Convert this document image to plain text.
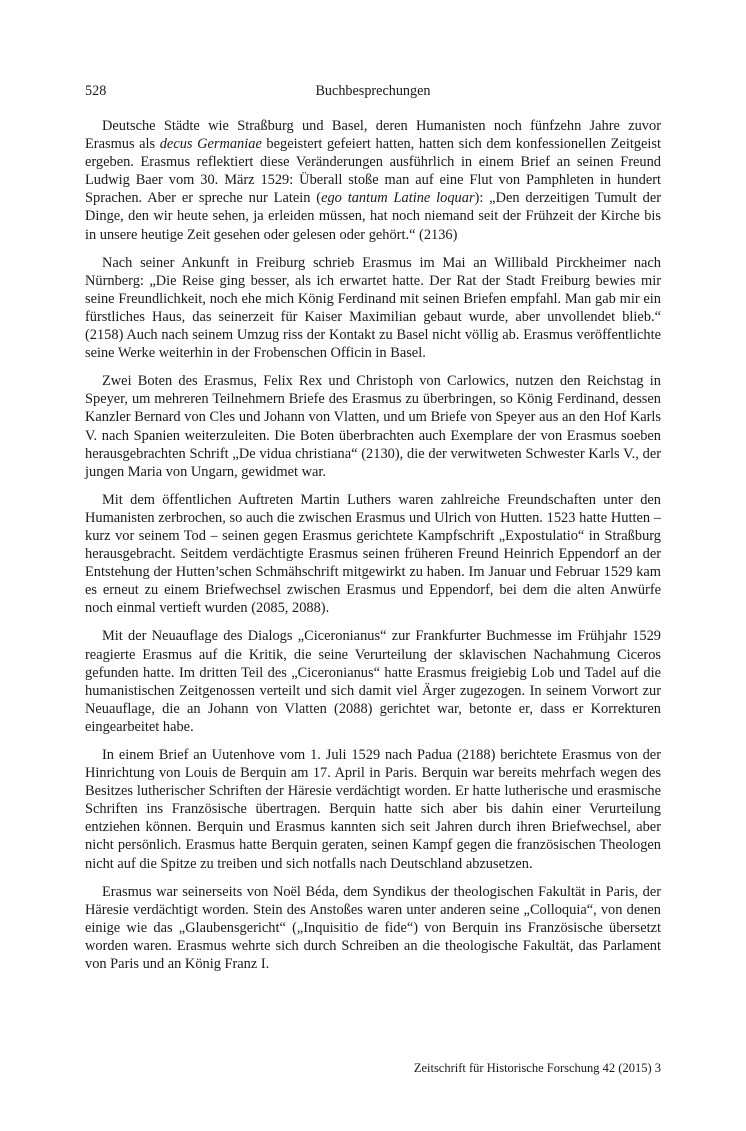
528	Buchbesprechungen

Deutsche Städte wie Straßburg und Basel, deren Humanisten noch fünfzehn Jahre zuvor Erasmus als decus Germaniae begeistert gefeiert hatten, hatten sich dem konfessionellen Zeitgeist ergeben. Erasmus reflektiert diese Veränderungen ausführlich in einem Brief an seinen Freund Ludwig Baer vom 30. März 1529: Überall stoße man auf eine Flut von Pamphleten in hundert Sprachen. Aber er spreche nur Latein (ego tantum Latine loquar): „Den derzeitigen Tumult der Dinge, den wir heute sehen, ja erleiden müssen, hat noch niemand seit der Frühzeit der Kirche bis in unsere heutige Zeit gesehen oder gelesen oder gehört.“ (2136)

Nach seiner Ankunft in Freiburg schrieb Erasmus im Mai an Willibald Pirckheimer nach Nürnberg: „Die Reise ging besser, als ich erwartet hatte. Der Rat der Stadt Freiburg bewies mir seine Freundlichkeit, noch ehe mich König Ferdinand mit seinen Briefen empfahl. Man gab mir ein fürstliches Haus, das seinerzeit für Kaiser Maximilian gebaut wurde, aber unvollendet blieb.“ (2158) Auch nach seinem Umzug riss der Kontakt zu Basel nicht völlig ab. Erasmus veröffentlichte seine Werke weiterhin in der Frobenschen Officin in Basel.

Zwei Boten des Erasmus, Felix Rex und Christoph von Carlowics, nutzen den Reichstag in Speyer, um mehreren Teilnehmern Briefe des Erasmus zu überbringen, so König Ferdinand, dessen Kanzler Bernard von Cles und Johann von Vlatten, und um Briefe von Speyer aus an den Hof Karls V. nach Spanien weiterzuleiten. Die Boten überbrachten auch Exemplare der von Erasmus soeben herausgebrachten Schrift „De vidua christiana“ (2130), die der verwitweten Schwester Karls V., der jungen Maria von Ungarn, gewidmet war.

Mit dem öffentlichen Auftreten Martin Luthers waren zahlreiche Freundschaften unter den Humanisten zerbrochen, so auch die zwischen Erasmus und Ulrich von Hutten. 1523 hatte Hutten – kurz vor seinem Tod – seinen gegen Erasmus gerichtete Kampfschrift „Expostulatio“ in Straßburg herausgebracht. Seitdem verdächtigte Erasmus seinen früheren Freund Heinrich Eppendorf an der Entstehung der Hutten’schen Schmähschrift mitgewirkt zu haben. Im Januar und Februar 1529 kam es erneut zu einem Briefwechsel zwischen Erasmus und Eppendorf, bei dem die alten Anwürfe noch einmal vertieft wurden (2085, 2088).

Mit der Neuauflage des Dialogs „Ciceronianus“ zur Frankfurter Buchmesse im Frühjahr 1529 reagierte Erasmus auf die Kritik, die seine Verurteilung der sklavischen Nachahmung Ciceros gefunden hatte. Im dritten Teil des „Ciceronianus“ hatte Erasmus freigiebig Lob und Tadel auf die humanistischen Zeitgenossen verteilt und sich damit viel Ärger zugezogen. In seinem Vorwort zur Neuauflage, die an Johann von Vlatten (2088) gerichtet war, betonte er, dass er Korrekturen eingearbeitet habe.

In einem Brief an Uutenhove vom 1. Juli 1529 nach Padua (2188) berichtete Erasmus von der Hinrichtung von Louis de Berquin am 17. April in Paris. Berquin war bereits mehrfach wegen des Besitzes lutherischer Schriften der Häresie verdächtigt worden. Er hatte lutherische und erasmische Schriften ins Französische übertragen. Berquin hatte sich aber bis dahin einer Verurteilung entziehen können. Berquin und Erasmus kannten sich seit Jahren durch ihren Briefwechsel, aber nicht persönlich. Erasmus hatte Berquin geraten, seinen Kampf gegen die französischen Theologen nicht auf die Spitze zu treiben und sich notfalls nach Deutschland abzusetzen.

Erasmus war seinerseits von Noël Béda, dem Syndikus der theologischen Fakultät in Paris, der Häresie verdächtigt worden. Stein des Anstoßes waren unter anderen seine „Colloquia“, von denen einige wie das „Glaubensgericht“ („Inquisitio de fide“) von Berquin ins Französische übersetzt worden waren. Erasmus wehrte sich durch Schreiben an die theologische Fakultät, das Parlament von Paris und an König Franz I.

Zeitschrift für Historische Forschung 42 (2015) 3
